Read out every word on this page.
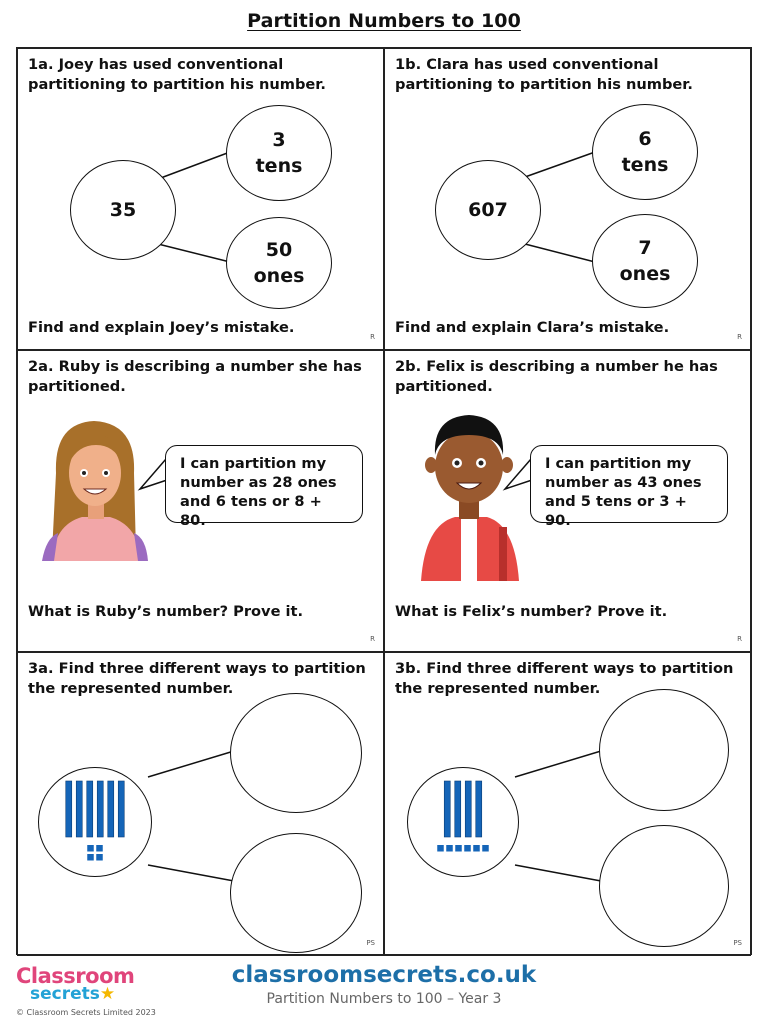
Partition Numbers to 100
1a. Joey has used conventional partitioning to partition his number.
35
3
tens
50
ones
Find and explain Joey’s mistake.
R
1b. Clara has used conventional partitioning to partition his number.
607
6
tens
7
ones
Find and explain Clara’s mistake.
R
2a. Ruby is describing a number she has partitioned.
I can partition my
number as 28 ones
and 6 tens or 8 + 80.
What is Ruby’s number? Prove it.
R
2b. Felix is describing a number he has partitioned.
I can partition my
number as 43 ones
and 5 tens or 3 + 90.
What is Felix’s number? Prove it.
R
3a. Find three different ways to partition the represented number.
PS
3b. Find three different ways to partition the represented number.
PS
Classroom
secrets★
© Classroom Secrets Limited 2023
classroomsecrets.co.uk
Partition Numbers to 100 – Year 3
